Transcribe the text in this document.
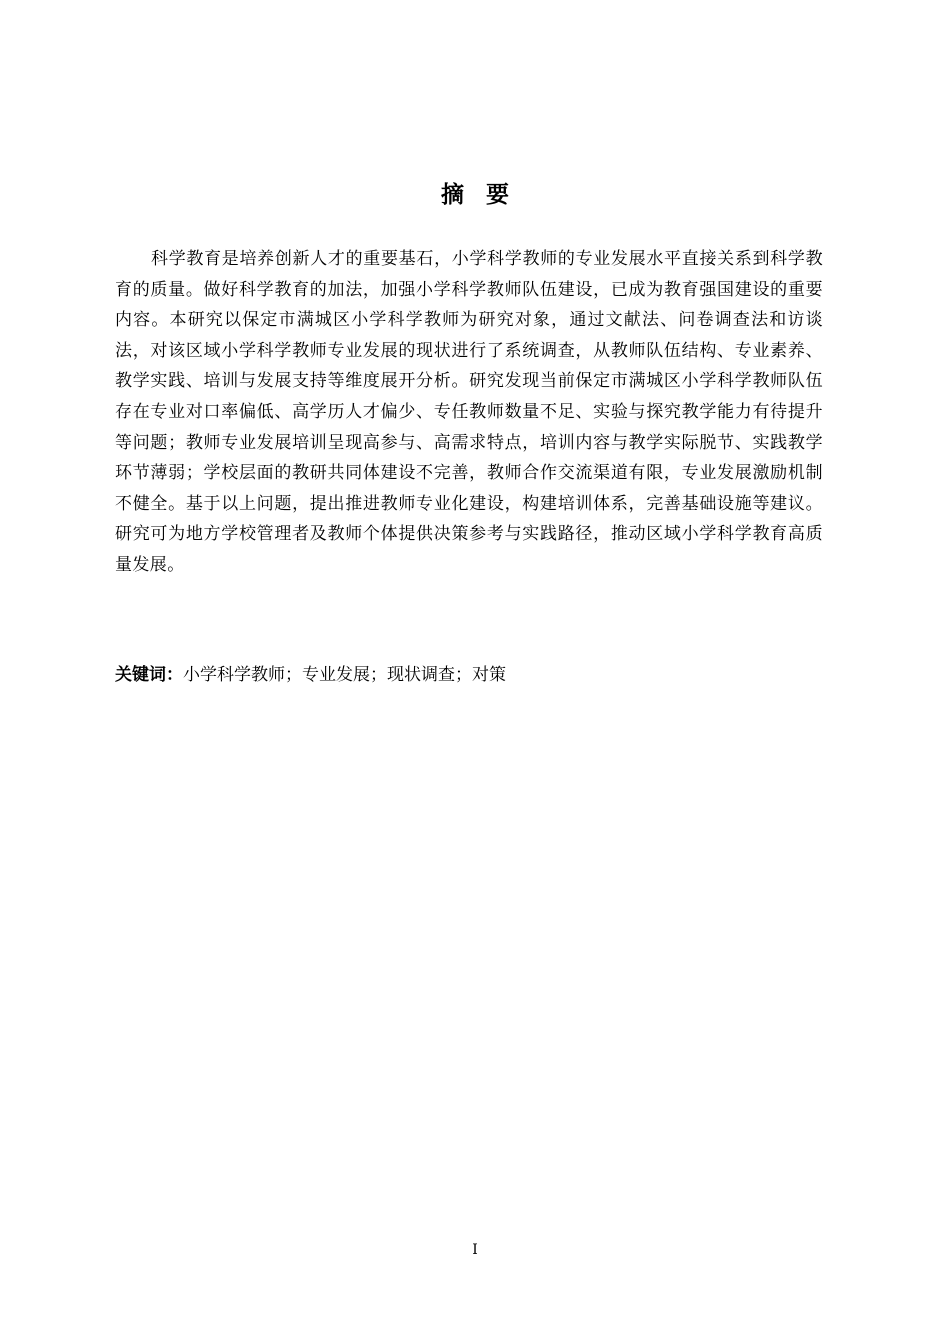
摘 要

科学教育是培养创新人才的重要基石，小学科学教师的专业发展水平直接关系到科学教育的质量。做好科学教育的加法，加强小学科学教师队伍建设，已成为教育强国建设的重要内容。本研究以保定市满城区小学科学教师为研究对象，通过文献法、问卷调查法和访谈法，对该区域小学科学教师专业发展的现状进行了系统调查，从教师队伍结构、专业素养、教学实践、培训与发展支持等维度展开分析。研究发现当前保定市满城区小学科学教师队伍存在专业对口率偏低、高学历人才偏少、专任教师数量不足、实验与探究教学能力有待提升等问题；教师专业发展培训呈现高参与、高需求特点，培训内容与教学实际脱节、实践教学环节薄弱；学校层面的教研共同体建设不完善，教师合作交流渠道有限，专业发展激励机制不健全。基于以上问题，提出推进教师专业化建设，构建培训体系，完善基础设施等建议。研究可为地方学校管理者及教师个体提供决策参考与实践路径，推动区域小学科学教育高质量发展。

关键词：小学科学教师；专业发展；现状调查；对策

I
